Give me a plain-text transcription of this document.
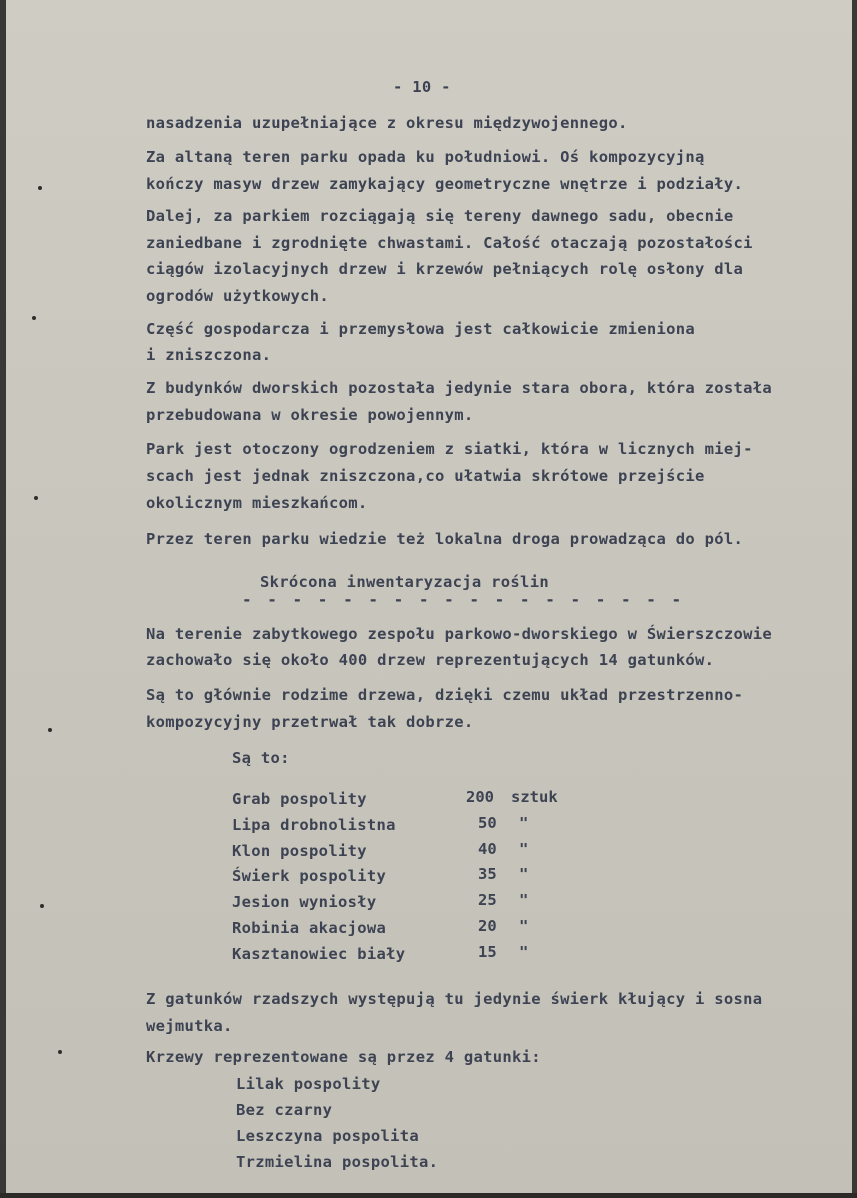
- 10 -
nasadzenia uzupełniające z okresu międzywojennego.
Za altaną teren parku opada ku południowi. Oś kompozycyjną
kończy masyw drzew zamykający geometryczne wnętrze i podziały.
Dalej, za parkiem rozciągają się tereny dawnego sadu, obecnie
zaniedbane i zgrodnięte chwastami. Całość otaczają pozostałości
ciągów izolacyjnych drzew i krzewów pełniących rolę osłony dla
ogrodów użytkowych.
Część gospodarcza i przemysłowa jest całkowicie zmieniona
i zniszczona.
Z budynków dworskich pozostała jedynie stara obora, która została
przebudowana w okresie powojennym.
Park jest otoczony ogrodzeniem z siatki, która w licznych miej-
scach jest jednak zniszczona,co ułatwia skrótowe przejście
okolicznym mieszkańcom.
Przez teren parku wiedzie też lokalna droga prowadząca do pól.
Skrócona inwentaryzacja roślin
- - - - - - - - - - - - - - - - - -
Na terenie zabytkowego zespołu parkowo-dworskiego w Świerszczowie
zachowało się około 400 drzew reprezentujących 14 gatunków.
Są to głównie rodzime drzewa, dzięki czemu układ przestrzenno-
kompozycyjny przetrwał tak dobrze.
Są to:
Grab pospolity	200 sztuk
Lipa drobnolistna	50 "
Klon pospolity	40 "
Świerk pospolity	35 "
Jesion wyniosły	25 "
Robinia akacjowa	20 "
Kasztanowiec biały	15 "
Z gatunków rzadszych występują tu jedynie świerk kłujący i sosna
wejmutka.
Krzewy reprezentowane są przez 4 gatunki:
Lilak pospolity
Bez czarny
Leszczyna pospolita
Trzmielina pospolita.
